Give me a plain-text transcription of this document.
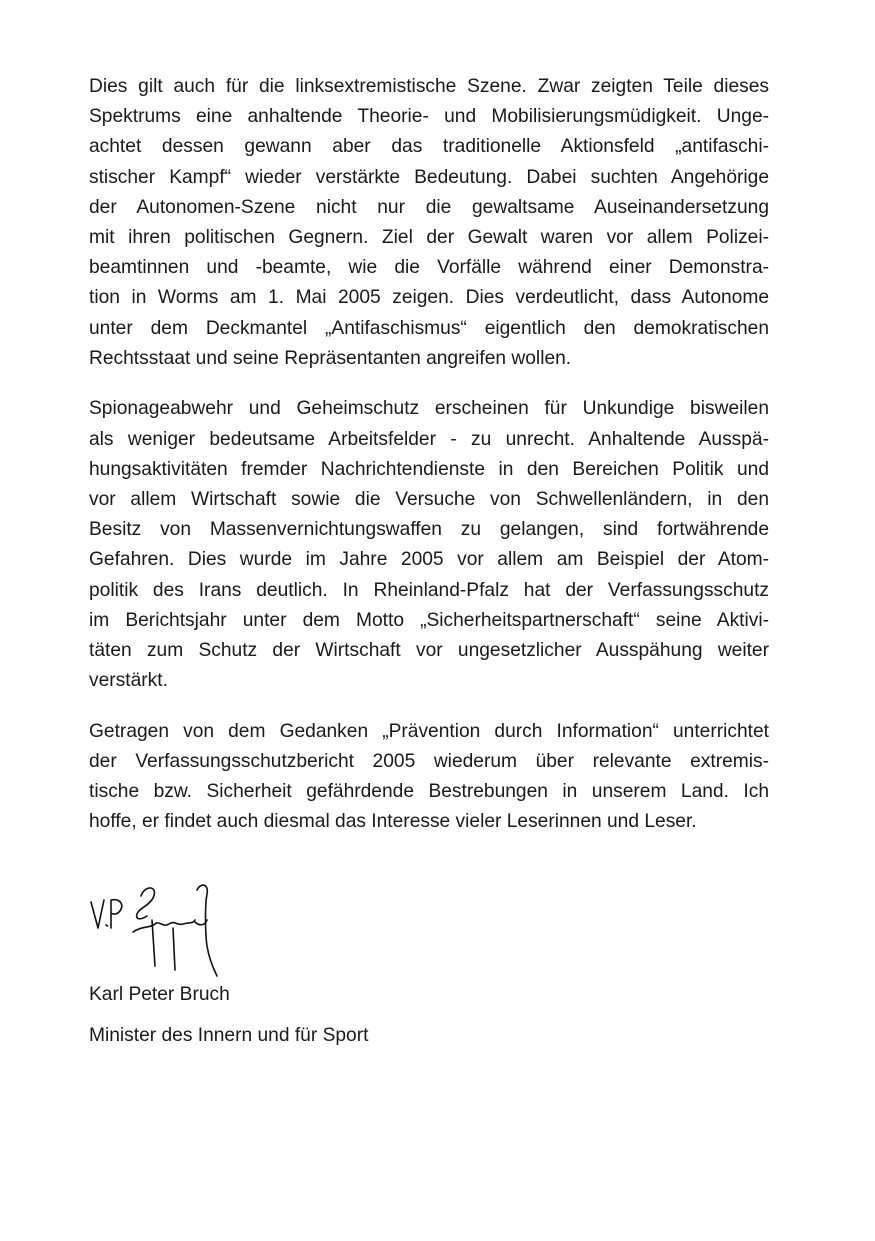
Dies gilt auch für die linksextremistische Szene. Zwar zeigten Teile dieses
Spektrums eine anhaltende Theorie- und Mobilisierungsmüdigkeit. Unge-
achtet dessen gewann aber das traditionelle Aktionsfeld „antifaschi-
stischer Kampf“ wieder verstärkte Bedeutung. Dabei suchten Angehörige
der Autonomen-Szene nicht nur die gewaltsame Auseinandersetzung
mit ihren politischen Gegnern. Ziel der Gewalt waren vor allem Polizei-
beamtinnen und -beamte, wie die Vorfälle während einer Demonstra-
tion in Worms am 1. Mai 2005 zeigen. Dies verdeutlicht, dass Autonome
unter dem Deckmantel „Antifaschismus“ eigentlich den demokratischen
Rechtsstaat und seine Repräsentanten angreifen wollen.
Spionageabwehr und Geheimschutz erscheinen für Unkundige bisweilen
als weniger bedeutsame Arbeitsfelder - zu unrecht. Anhaltende Ausspä-
hungsaktivitäten fremder Nachrichtendienste in den Bereichen Politik und
vor allem Wirtschaft sowie die Versuche von Schwellenländern, in den
Besitz von Massenvernichtungswaffen zu gelangen, sind fortwährende
Gefahren. Dies wurde im Jahre 2005 vor allem am Beispiel der Atom-
politik des Irans deutlich. In Rheinland-Pfalz hat der Verfassungsschutz
im Berichtsjahr unter dem Motto „Sicherheitspartnerschaft“ seine Aktivi-
täten zum Schutz der Wirtschaft vor ungesetzlicher Ausspähung weiter
verstärkt.
Getragen von dem Gedanken „Prävention durch Information“ unterrichtet
der Verfassungsschutzbericht 2005 wiederum über relevante extremis-
tische bzw. Sicherheit gefährdende Bestrebungen in unserem Land. Ich
hoffe, er findet auch diesmal das Interesse vieler Leserinnen und Leser.
Karl Peter Bruch
Minister des Innern und für Sport
